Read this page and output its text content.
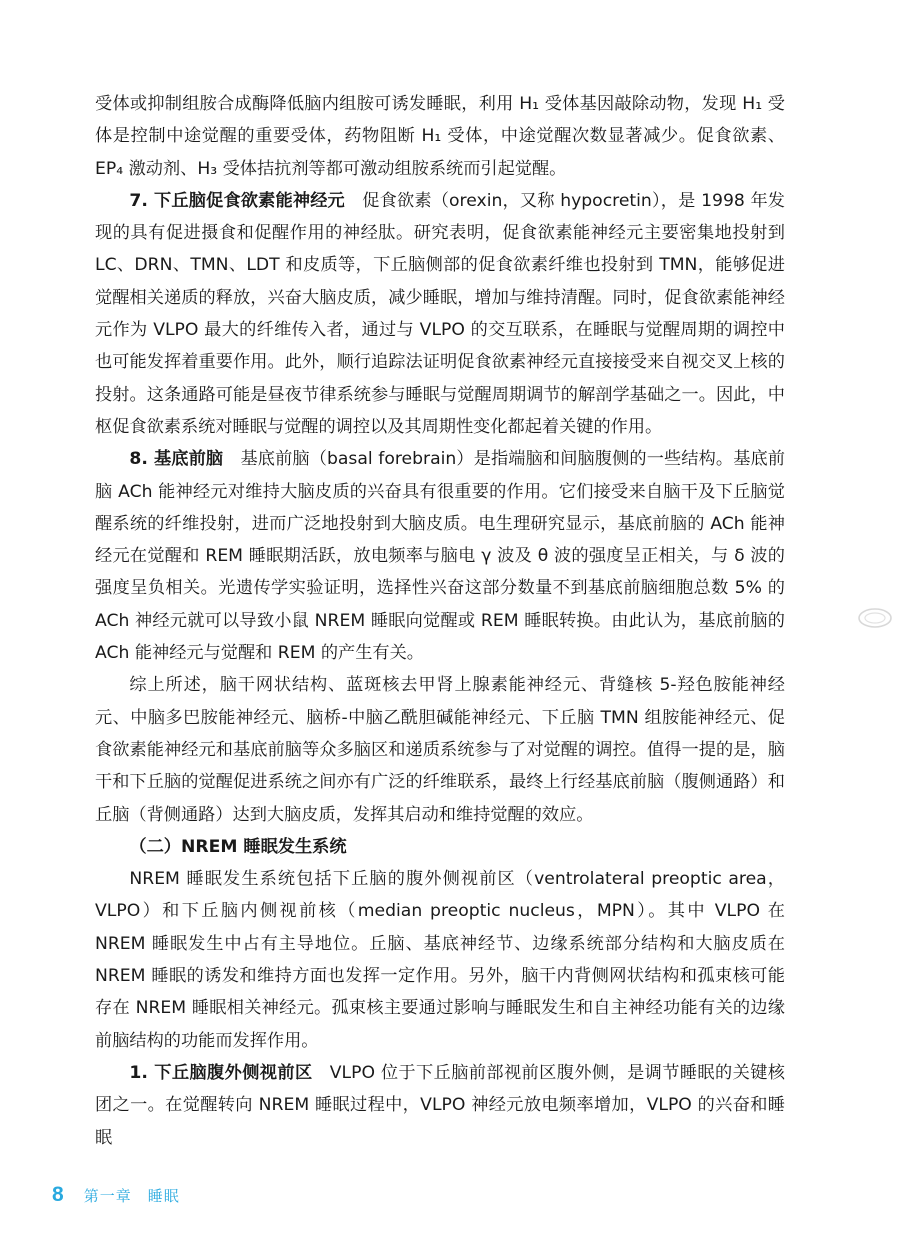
受体或抑制组胺合成酶降低脑内组胺可诱发睡眠，利用 H₁ 受体基因敲除动物，发现 H₁ 受体是控制中途觉醒的重要受体，药物阻断 H₁ 受体，中途觉醒次数显著减少。促食欲素、EP₄ 激动剂、H₃ 受体拮抗剂等都可激动组胺系统而引起觉醒。

7. 下丘脑促食欲素能神经元 促食欲素（orexin，又称 hypocretin），是 1998 年发现的具有促进摄食和促醒作用的神经肽。研究表明，促食欲素能神经元主要密集地投射到 LC、DRN、TMN、LDT 和皮质等，下丘脑侧部的促食欲素纤维也投射到 TMN，能够促进觉醒相关递质的释放，兴奋大脑皮质，减少睡眠，增加与维持清醒。同时，促食欲素能神经元作为 VLPO 最大的纤维传入者，通过与 VLPO 的交互联系，在睡眠与觉醒周期的调控中也可能发挥着重要作用。此外，顺行追踪法证明促食欲素神经元直接接受来自视交叉上核的投射。这条通路可能是昼夜节律系统参与睡眠与觉醒周期调节的解剖学基础之一。因此，中枢促食欲素系统对睡眠与觉醒的调控以及其周期性变化都起着关键的作用。

8. 基底前脑 基底前脑（basal forebrain）是指端脑和间脑腹侧的一些结构。基底前脑 ACh 能神经元对维持大脑皮质的兴奋具有很重要的作用。它们接受来自脑干及下丘脑觉醒系统的纤维投射，进而广泛地投射到大脑皮质。电生理研究显示，基底前脑的 ACh 能神经元在觉醒和 REM 睡眠期活跃，放电频率与脑电 γ 波及 θ 波的强度呈正相关，与 δ 波的强度呈负相关。光遗传学实验证明，选择性兴奋这部分数量不到基底前脑细胞总数 5% 的 ACh 神经元就可以导致小鼠 NREM 睡眠向觉醒或 REM 睡眠转换。由此认为，基底前脑的 ACh 能神经元与觉醒和 REM 的产生有关。

综上所述，脑干网状结构、蓝斑核去甲肾上腺素能神经元、背缝核 5-羟色胺能神经元、中脑多巴胺能神经元、脑桥-中脑乙酰胆碱能神经元、下丘脑 TMN 组胺能神经元、促食欲素能神经元和基底前脑等众多脑区和递质系统参与了对觉醒的调控。值得一提的是，脑干和下丘脑的觉醒促进系统之间亦有广泛的纤维联系，最终上行经基底前脑（腹侧通路）和丘脑（背侧通路）达到大脑皮质，发挥其启动和维持觉醒的效应。

（二）NREM 睡眠发生系统

NREM 睡眠发生系统包括下丘脑的腹外侧视前区（ventrolateral preoptic area，VLPO）和下丘脑内侧视前核（median preoptic nucleus，MPN）。其中 VLPO 在 NREM 睡眠发生中占有主导地位。丘脑、基底神经节、边缘系统部分结构和大脑皮质在 NREM 睡眠的诱发和维持方面也发挥一定作用。另外，脑干内背侧网状结构和孤束核可能存在 NREM 睡眠相关神经元。孤束核主要通过影响与睡眠发生和自主神经功能有关的边缘前脑结构的功能而发挥作用。

1. 下丘脑腹外侧视前区 VLPO 位于下丘脑前部视前区腹外侧，是调节睡眠的关键核团之一。在觉醒转向 NREM 睡眠过程中，VLPO 神经元放电频率增加，VLPO 的兴奋和睡眠

8 第一章　睡眠
